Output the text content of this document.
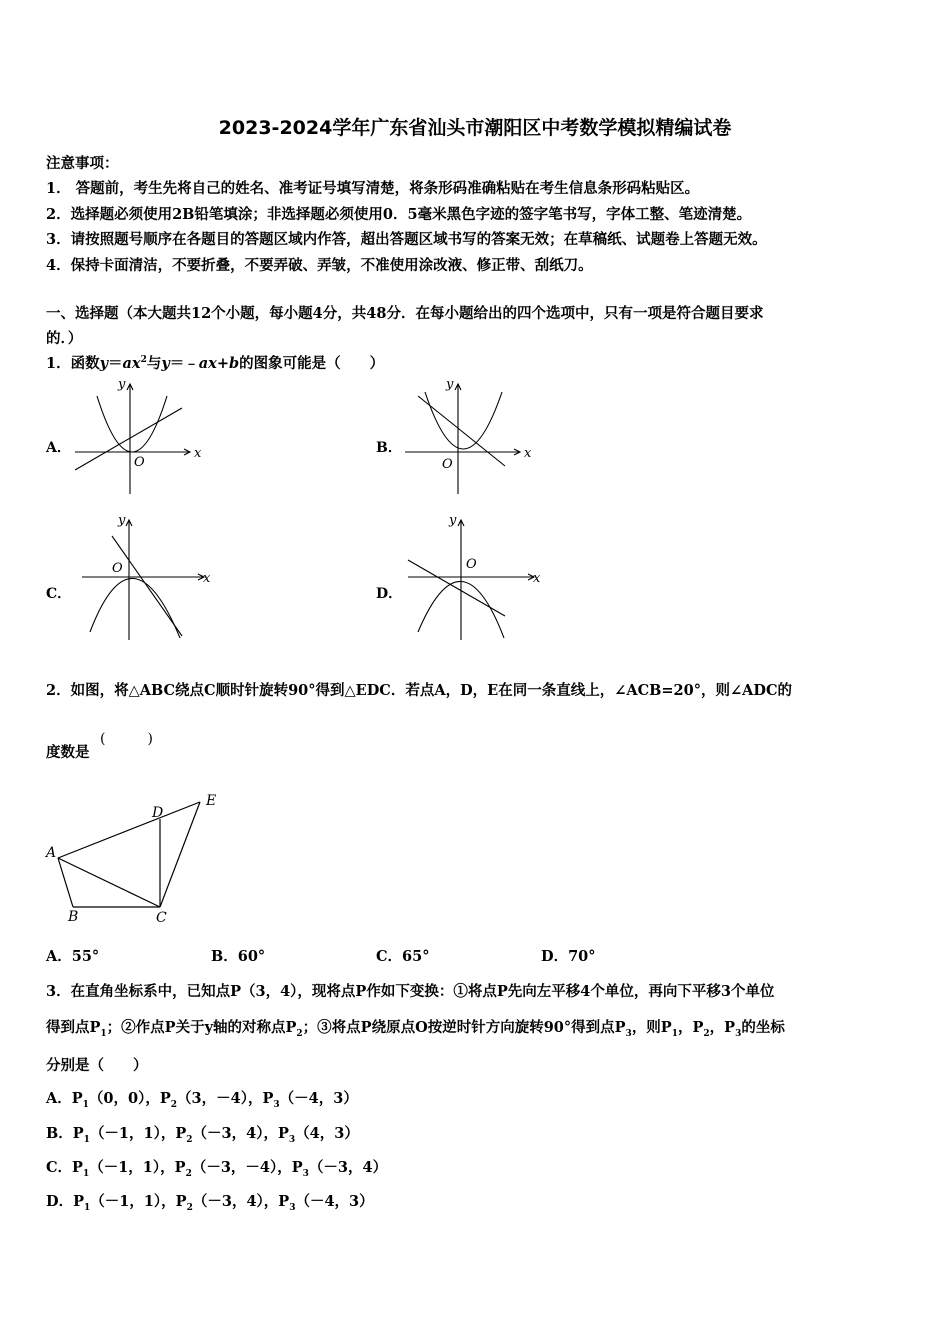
2023-2024学年广东省汕头市潮阳区中考数学模拟精编试卷
注意事项：
1． 答题前，考生先将自己的姓名、准考证号填写清楚，将条形码准确粘贴在考生信息条形码粘贴区。
2．选择题必须使用2B铅笔填涂；非选择题必须使用0．5毫米黑色字迹的签字笔书写，字体工整、笔迹清楚。
3．请按照题号顺序在各题目的答题区域内作答，超出答题区域书写的答案无效；在草稿纸、试题卷上答题无效。
4．保持卡面清洁，不要折叠，不要弄破、弄皱，不准使用涂改液、修正带、刮纸刀。
一、选择题（本大题共12个小题，每小题4分，共48分．在每小题给出的四个选项中，只有一项是符合题目要求
的．）
1．函数$y=ax^2$与y＝﹣ax+b的图象可能是（　　）
A．	x
y
O
B．	x
y
O
C．
x
y
O
D．
x
y
O
2．如图，将△ABC绕点C顺时针旋转90°得到△EDC．若点A，D，E在同一条直线上，∠ACB=20°，则∠ADC的
度数是
(　　　)
A
B	C
D
E
A．55°	B．60°	C．65°	D．70°
3．在直角坐标系中，已知点P（3，4），现将点P作如下变换：①将点P先向左平移4个单位，再向下平移3个单位
得到点$P_1$；②作点P关于y轴的对称点$P_2$；③将点P绕原点O按逆时针方向旋转90°得到点$P_3$，则$P_1$，$P_2$，$P_3$的坐标
分别是（　　）
A．$P_1(0$，0），$P_2(3$，－4），$P_3(-4$，3）
B．$P_1(-1$，1），$P_2(-3$，4），$P_3(4$，3）
C．$P_1(-1$，1），$P_2(-3$，－4），$P_3(-3$，4）
D．$P_1(-1$，1），$P_2(-3$，4），$P_3(-4$，3）
